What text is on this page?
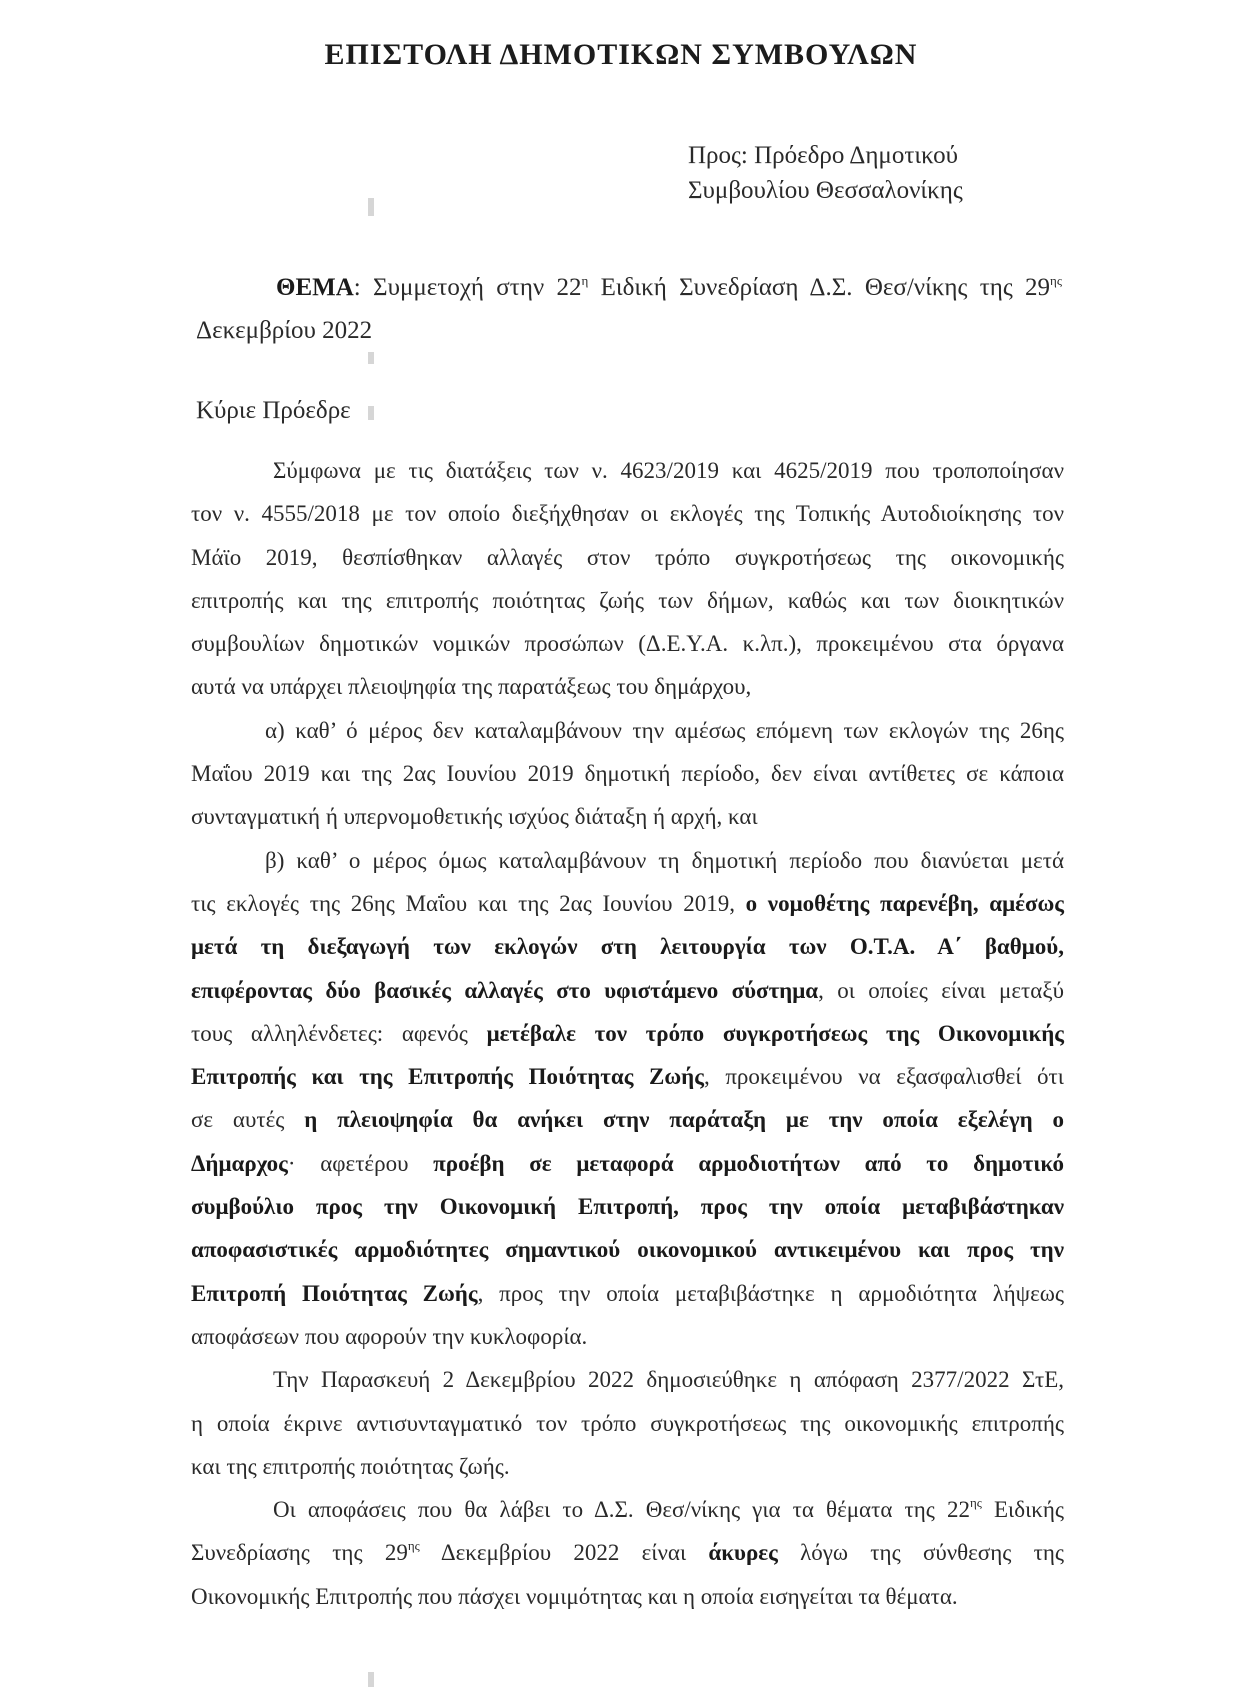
ΕΠΙΣΤΟΛΗ ΔΗΜΟΤΙΚΩΝ ΣΥΜΒΟΥΛΩΝ
Προς: Πρόεδρο Δημοτικού
Συμβουλίου Θεσσαλονίκης
ΘΕΜΑ: Συμμετοχή στην $22^\eta$ Ειδική Συνεδρίαση Δ.Σ. Θεσ/νίκης της $29^{\eta\varsigma}$
Δεκεμβρίου 2022
Κύριε Πρόεδρε
Σύμφωνα με τις διατάξεις των ν. 4623/2019 και 4625/2019 που τροποποίησαν
τον ν. 4555/2018 με τον οποίο διεξήχθησαν οι εκλογές της Τοπικής Αυτοδιοίκησης τον
Μάϊο 2019, θεσπίσθηκαν αλλαγές στον τρόπο συγκροτήσεως της οικονομικής
επιτροπής και της επιτροπής ποιότητας ζωής των δήμων, καθώς και των διοικητικών
συμβουλίων δημοτικών νομικών προσώπων (Δ.Ε.Υ.Α. κ.λπ.), προκειμένου στα όργανα
αυτά να υπάρχει πλειοψηφία της παρατάξεως του δημάρχου,
α) καθ’ ό μέρος δεν καταλαμβάνουν την αμέσως επόμενη των εκλογών της 26ης
Μαΐου 2019 και της 2ας Ιουνίου 2019 δημοτική περίοδο, δεν είναι αντίθετες σε κάποια
συνταγματική ή υπερνομοθετικής ισχύος διάταξη ή αρχή, και
β) καθ’ ο μέρος όμως καταλαμβάνουν τη δημοτική περίοδο που διανύεται μετά
τις εκλογές της 26ης Μαΐου και της 2ας Ιουνίου 2019, ο νομοθέτης παρενέβη, αμέσως
μετά τη διεξαγωγή των εκλογών στη λειτουργία των Ο.Τ.Α. Α΄ βαθμού,
επιφέροντας δύο βασικές αλλαγές στο υφιστάμενο σύστημα, οι οποίες είναι μεταξύ
τους αλληλένδετες: αφενός μετέβαλε τον τρόπο συγκροτήσεως της Οικονομικής
Επιτροπής και της Επιτροπής Ποιότητας Ζωής, προκειμένου να εξασφαλισθεί ότι
σε αυτές η πλειοψηφία θα ανήκει στην παράταξη με την οποία εξελέγη ο
Δήμαρχος· αφετέρου προέβη σε μεταφορά αρμοδιοτήτων από το δημοτικό
συμβούλιο προς την Οικονομική Επιτροπή, προς την οποία μεταβιβάστηκαν
αποφασιστικές αρμοδιότητες σημαντικού οικονομικού αντικειμένου και προς την
Επιτροπή Ποιότητας Ζωής, προς την οποία μεταβιβάστηκε η αρμοδιότητα λήψεως
αποφάσεων που αφορούν την κυκλοφορία.
Την Παρασκευή 2 Δεκεμβρίου 2022 δημοσιεύθηκε η απόφαση 2377/2022 ΣτΕ,
η οποία έκρινε αντισυνταγματικό τον τρόπο συγκροτήσεως της οικονομικής επιτροπής
και της επιτροπής ποιότητας ζωής.
Οι αποφάσεις που θα λάβει το Δ.Σ. Θεσ/νίκης για τα θέματα της $22^{\eta\varsigma}$ Ειδικής
Συνεδρίασης της $29^{\eta\varsigma}$ Δεκεμβρίου 2022 είναι άκυρες λόγω της σύνθεσης της
Οικονομικής Επιτροπής που πάσχει νομιμότητας και η οποία εισηγείται τα θέματα.
